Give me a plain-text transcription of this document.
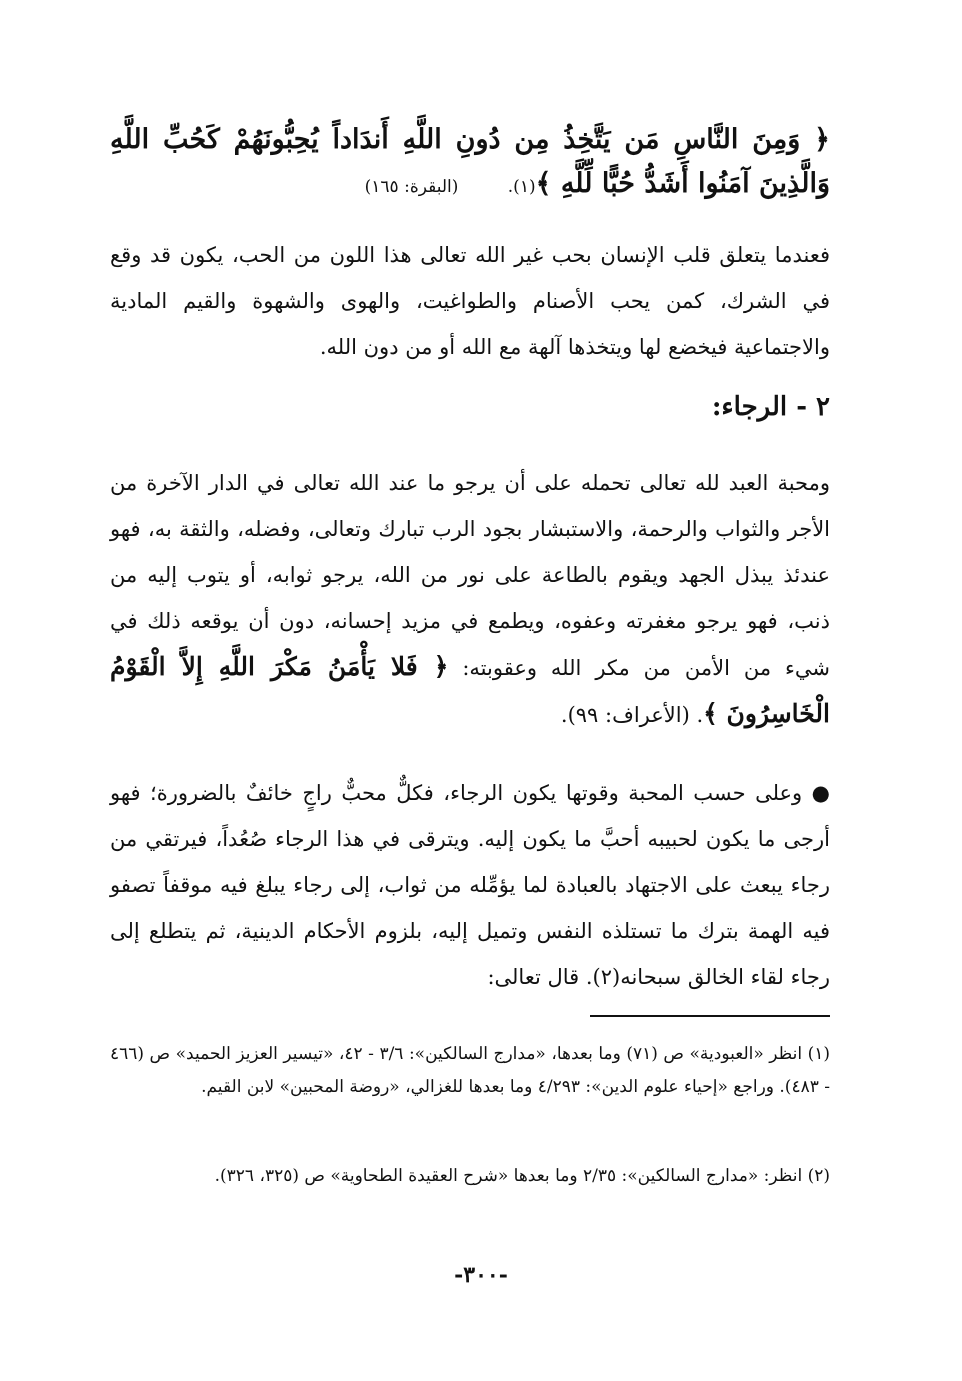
﴿ وَمِنَ النَّاسِ مَن يَتَّخِذُ مِن دُونِ اللَّهِ أَندَاداً يُحِبُّونَهُمْ كَحُبِّ اللَّهِ وَالَّذِينَ آمَنُوا أَشَدُّ حُبًّا لِّلَّهِ ﴾(١). (البقرة: ١٦٥)
فعندما يتعلق قلب الإنسان بحب غير الله تعالى هذا اللون من الحب، يكون قد وقع في الشرك، كمن يحب الأصنام والطواغيت، والهوى والشهوة والقيم المادية والاجتماعية فيخضع لها ويتخذها آلهة مع الله أو من دون الله.
٢ - الرجاء:
ومحبة العبد لله تعالى تحمله على أن يرجو ما عند الله تعالى في الدار الآخرة من الأجر والثواب والرحمة، والاستبشار بجود الرب تبارك وتعالى، وفضله، والثقة به، فهو عندئذ يبذل الجهد ويقوم بالطاعة على نور من الله، يرجو ثوابه، أو يتوب إليه من ذنب، فهو يرجو مغفرته وعفوه، ويطمع في مزيد إحسانه، دون أن يوقعه ذلك في شيء من الأمن من مكر الله وعقوبته: ﴿ فَلا يَأْمَنُ مَكْرَ اللَّهِ إِلاَّ الْقَوْمُ الْخَاسِرُونَ ﴾. (الأعراف: ٩٩).
● وعلى حسب المحبة وقوتها يكون الرجاء، فكلٌّ محبٌّ راجٍ خائفٌ بالضرورة؛ فهو أرجى ما يكون لحبيبه أحبَّ ما يكون إليه. ويترقى في هذا الرجاء صُعُداً، فيرتقي من رجاء يبعث على الاجتهاد بالعبادة لما يؤمِّله من ثواب، إلى رجاء يبلغ فيه موقفاً تصفو فيه الهمة بترك ما تستلذه النفس وتميل إليه، بلزوم الأحكام الدينية، ثم يتطلع إلى رجاء لقاء الخالق سبحانه(٢). قال تعالى:
(١) انظر «العبودية» ص (٧١) وما بعدها، «مدارج السالكين»: ٣/٦ - ٤٢، «تيسير العزيز الحميد» ص (٤٦٦ - ٤٨٣). وراجع «إحياء علوم الدين»: ٤/٢٩٣ وما بعدها للغزالي، «روضة المحبين» لابن القيم.
(٢) انظر: «مدارج السالكين»: ٢/٣٥ وما بعدها «شرح العقيدة الطحاوية» ص (٣٢٥، ٣٢٦).
-٣٠٠-
